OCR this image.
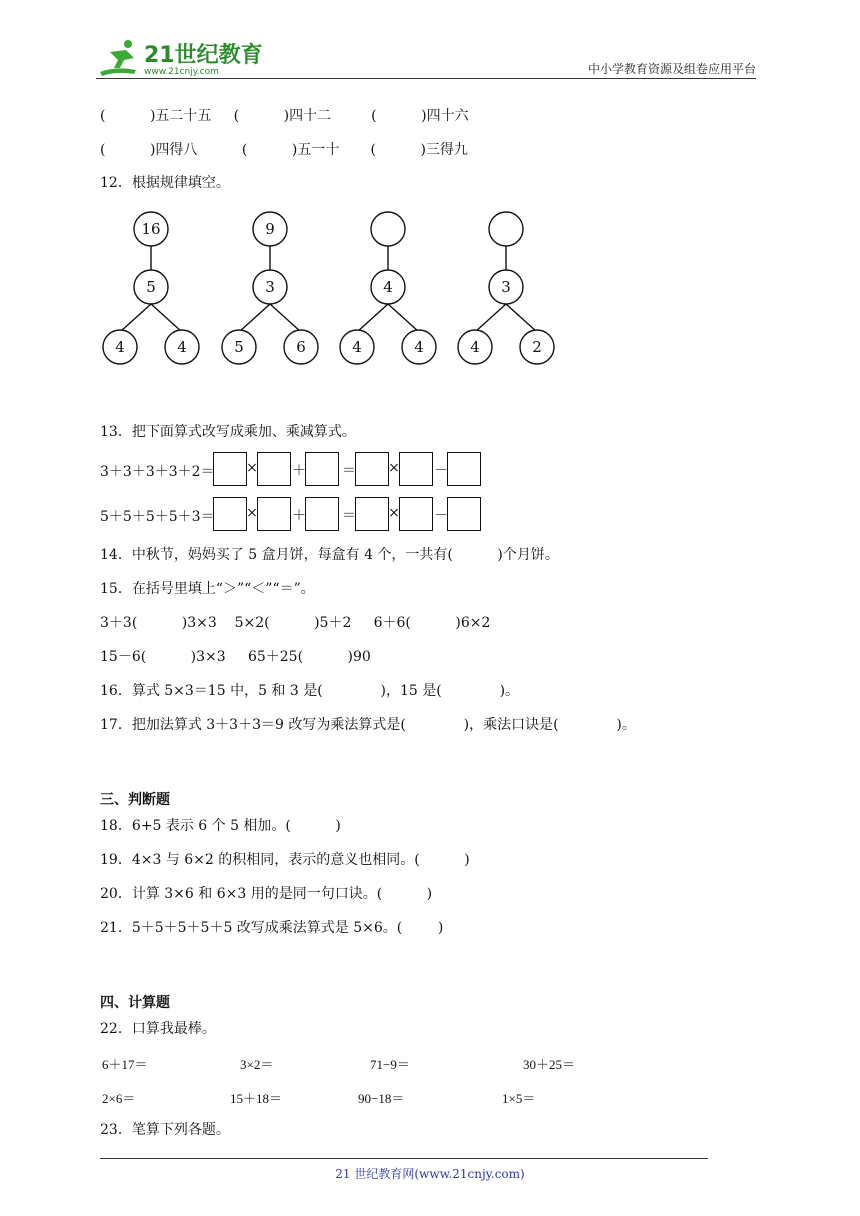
21世纪教育
www.21cnjy.com	中小学教育资源及组卷应用平台
(          )五二十五     (          )四十二         (          )四十六
(          )四得八          (          )五一十       (          )三得九
12．根据规律填空。
16
5
4	4
9
3
5	6
4
4	4
3
4	2
13．把下面算式改写成乘加、乘减算式。
3＋3＋3＋3＋2＝ × ＋	＝ × －
5＋5＋5＋5＋3＝ × ＋	＝ × －
14．中秋节，妈妈买了 5 盒月饼，每盒有 4 个，一共有(          )个月饼。
15．在括号里填上“＞”“＜”“＝”。
3＋3(          )3×3    5×2(          )5＋2     6＋6(          )6×2
15－6(          )3×3     65＋25(          )90
16．算式 5×3＝15 中，5 和 3 是(             )，15 是(             )。
17．把加法算式 3＋3＋3＝9 改写为乘法算式是(             )，乘法口诀是(             )。
三、判断题
18．6+5 表示 6 个 5 相加。(          )
19．4×3 与 6×2 的积相同，表示的意义也相同。(          )
20．计算 3×6 和 6×3 用的是同一句口诀。(          )
21．5＋5＋5＋5＋5 改写成乘法算式是 5×6。(        )
四、计算题
22．口算我最棒。
6＋17＝	3×2＝	71−9＝	30＋25＝
2×6＝	15＋18＝	90−18＝	1×5＝
23．笔算下列各题。
21 世纪教育网(www.21cnjy.com)
